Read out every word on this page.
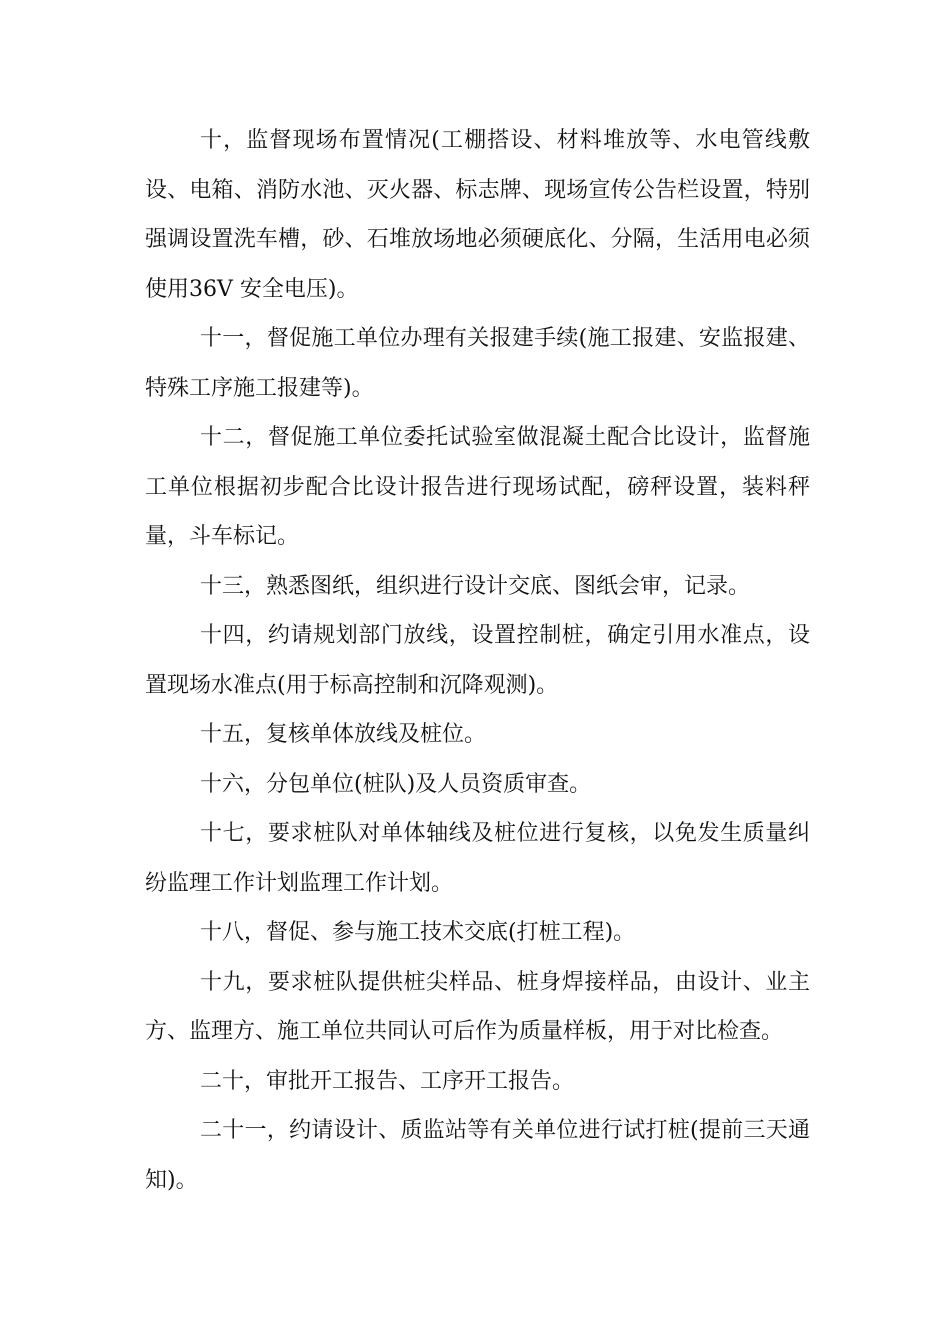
十，监督现场布置情况(工棚搭设、材料堆放等、水电管线敷设、电箱、消防水池、灭火器、标志牌、现场宣传公告栏设置，特别强调设置洗车槽，砂、石堆放场地必须硬底化、分隔，生活用电必须使用36V 安全电压)。

十一，督促施工单位办理有关报建手续(施工报建、安监报建、特殊工序施工报建等)。

十二，督促施工单位委托试验室做混凝土配合比设计，监督施工单位根据初步配合比设计报告进行现场试配，磅秤设置，装料秤量，斗车标记。

十三，熟悉图纸，组织进行设计交底、图纸会审，记录。

十四，约请规划部门放线，设置控制桩，确定引用水准点，设置现场水准点(用于标高控制和沉降观测)。

十五，复核单体放线及桩位。

十六，分包单位(桩队)及人员资质审查。

十七，要求桩队对单体轴线及桩位进行复核，以免发生质量纠纷监理工作计划监理工作计划。

十八，督促、参与施工技术交底(打桩工程)。

十九，要求桩队提供桩尖样品、桩身焊接样品，由设计、业主方、监理方、施工单位共同认可后作为质量样板，用于对比检查。

二十，审批开工报告、工序开工报告。

二十一，约请设计、质监站等有关单位进行试打桩(提前三天通知)。
